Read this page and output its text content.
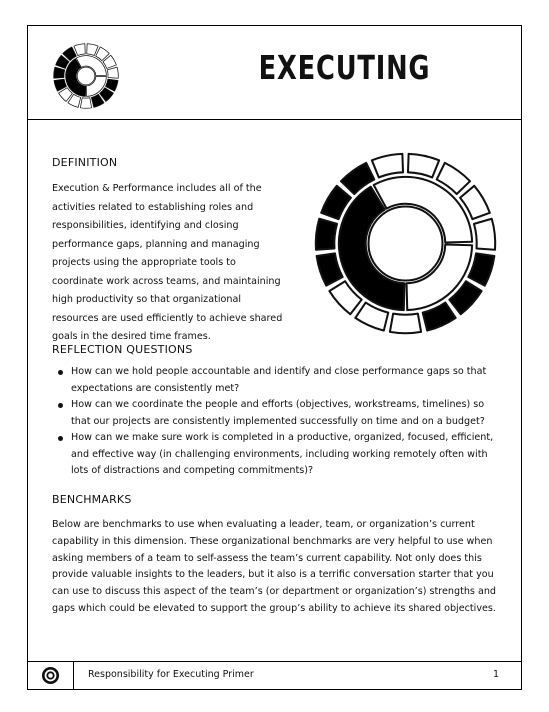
EXECUTING
DEFINITION
Execution & Performance includes all of the activities related to establishing roles and responsibilities, identifying and closing performance gaps, planning and managing projects using the appropriate tools to coordinate work across teams, and maintaining high productivity so that organizational resources are used efficiently to achieve shared goals in the desired time frames.
REFLECTION QUESTIONS
How can we hold people accountable and identify and close performance gaps so that expectations are consistently met?
How can we coordinate the people and efforts (objectives, workstreams, timelines) so that our projects are consistently implemented successfully on time and on a budget?
How can we make sure work is completed in a productive, organized, focused, efficient, and effective way (in challenging environments, including working remotely often with lots of distractions and competing commitments)?
BENCHMARKS
Below are benchmarks to use when evaluating a leader, team, or organization’s current capability in this dimension. These organizational benchmarks are very helpful to use when asking members of a team to self-assess the team’s current capability. Not only does this provide valuable insights to the leaders, but it also is a terrific conversation starter that you can use to discuss this aspect of the team’s (or department or organization’s) strengths and gaps which could be elevated to support the group’s ability to achieve its shared objectives.
Responsibility for Executing Primer	1
